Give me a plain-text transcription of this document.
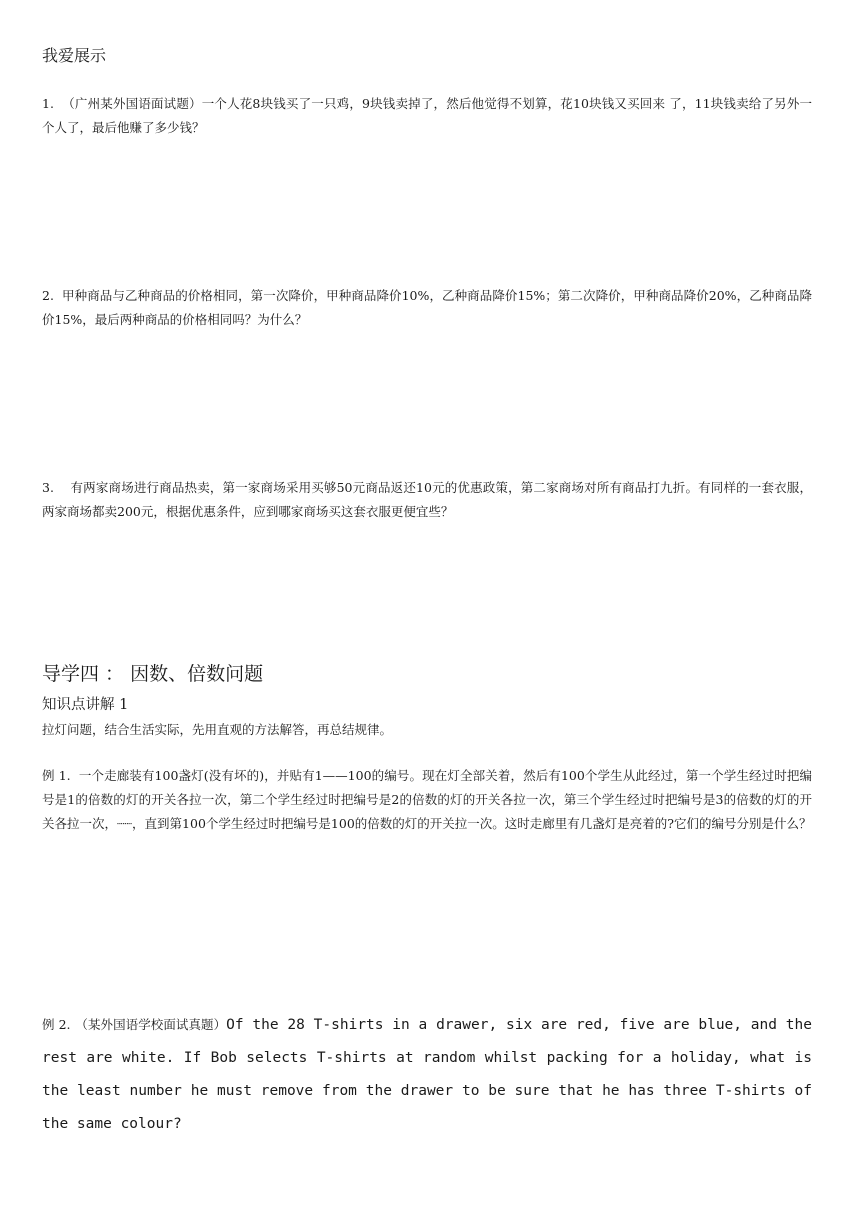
我爱展示

1. （广州某外国语面试题）一个人花8块钱买了一只鸡，9块钱卖掉了，然后他觉得不划算，花10块钱又买回来 了，11块钱卖给了另外一个人了，最后他赚了多少钱？

2. 甲种商品与乙种商品的价格相同，第一次降价，甲种商品降价10%，乙种商品降价15%；第二次降价，甲种商品降价20%，乙种商品降价15%，最后两种商品的价格相同吗？为什么？

3. 有两家商场进行商品热卖，第一家商场采用买够50元商品返还10元的优惠政策，第二家商场对所有商品打九折。有同样的一套衣服，两家商场都卖200元，根据优惠条件，应到哪家商场买这套衣服更便宜些？

导学四 ： 因数、倍数问题
知识点讲解 1
拉灯问题，结合生活实际，先用直观的方法解答，再总结规律。

例 1. 一个走廊装有100盏灯(没有坏的)，并贴有1——100的编号。现在灯全部关着，然后有100个学生从此经过，第一个学生经过时把编号是1的倍数的灯的开关各拉一次，第二个学生经过时把编号是2的倍数的灯的开关各拉一次，第三个学生经过时把编号是3的倍数的灯的开关各拉一次，┈┈，直到第100个学生经过时把编号是100的倍数的灯的开关拉一次。这时走廊里有几盏灯是亮着的?它们的编号分别是什么？

例 2. （某外国语学校面试真题）Of the 28 T-shirts in a drawer, six are red, five are blue, and the rest are white. If Bob selects T-shirts at random whilst packing for a holiday, what is the least number he must remove from the drawer to be sure that he has three T-shirts of the same colour?
